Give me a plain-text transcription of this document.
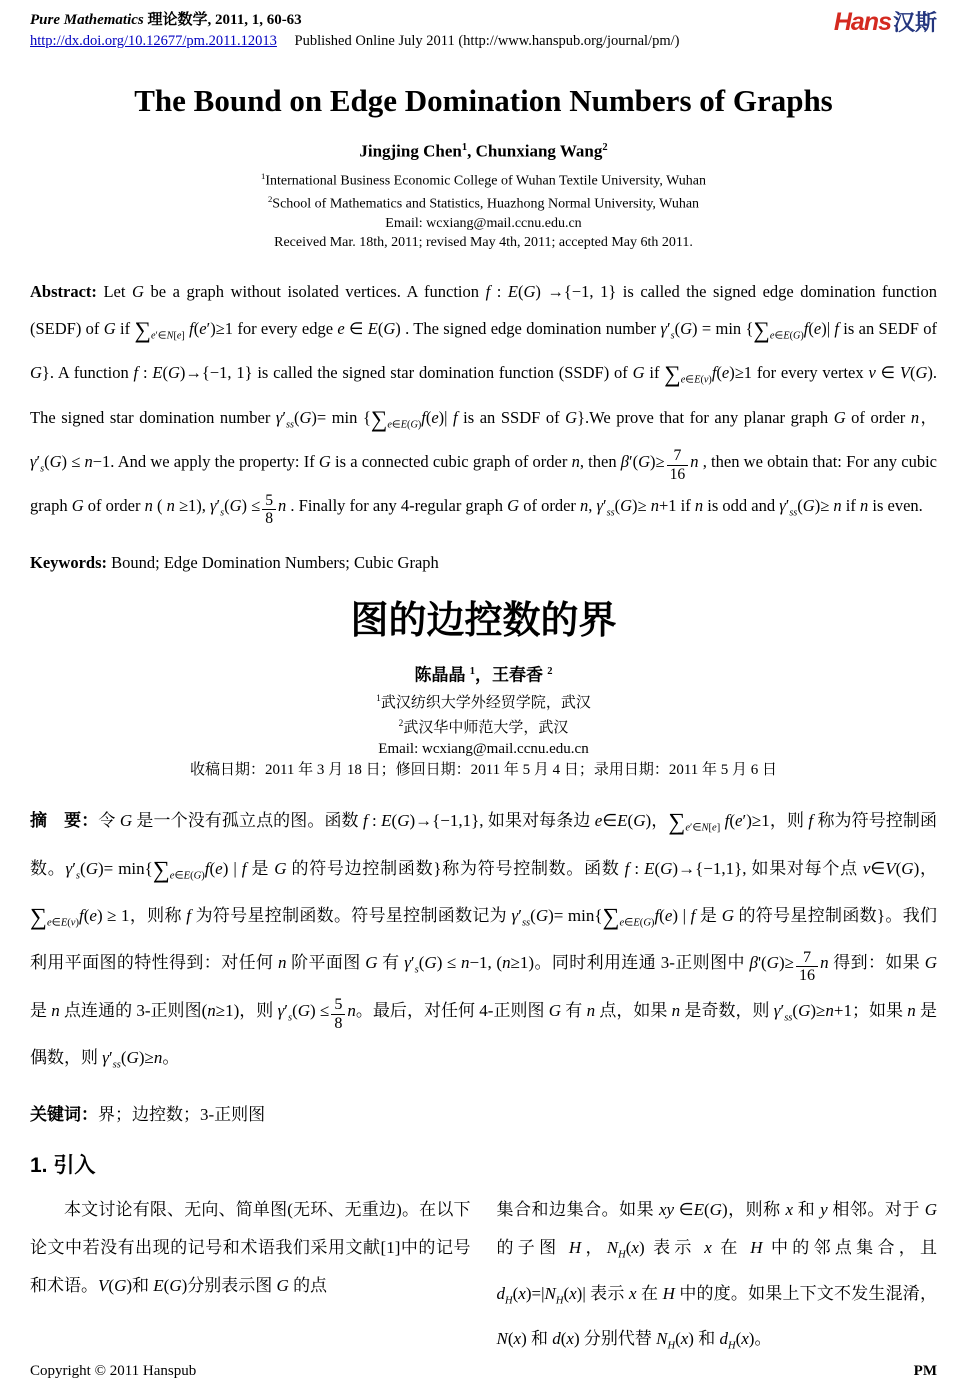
Pure Mathematics 理论数学, 2011, 1, 60-63
http://dx.doi.org/10.12677/pm.2011.12013 Published Online July 2011 (http://www.hanspub.org/journal/pm/)
Hans汉斯
The Bound on Edge Domination Numbers of Graphs
Jingjing Chen$^1$, Chunxiang Wang$^2$
$^1$International Business Economic College of Wuhan Textile University, Wuhan
$^2$School of Mathematics and Statistics, Huazhong Normal University, Wuhan
Email: wcxiang@mail.ccnu.edu.cn
Received Mar. 18th, 2011; revised May 4th, 2011; accepted May 6th 2011.

Abstract: Let G be a graph without isolated vertices. A function f : E(G) →{−1, 1} is called the signed edge domination function (SEDF) of G if $\sum_{e'\in N[e]}$ f(e′)≥1 for every edge e ∈ E(G) . The signed edge domination number $\gamma'_s(G) = \min \{\sum_{e\in E(G)}f(e)|$ f is an SEDF of G}. A function f : E(G)→{−1, 1} is called the signed star domination function (SSDF) of G if $\sum_{e\in E(v)}f(e)\ge 1$ for every vertex v ∈ V(G). The signed star domination number $\gamma'_{ss}(G)= \min \{\sum_{e\in E(G)}f(e)|$ f is an SSDF of G}.We prove that for any planar graph G of order n，$\gamma'_s(G) \le n-1$. And we apply the property: If G is a connected cubic graph of order n, then $\beta'(G)\ge \frac{7}{16}$ n , then we obtain that: For any cubic graph G of order n ( n ≥1), $\gamma'_s(G) \le \frac{5}{8}$ n . Finally for any 4-regular graph G of order n, $\gamma'_{ss}(G)\ge n+1$ if n is odd and $\gamma'_{ss}(G)\ge n$ if n is even.

Keywords: Bound; Edge Domination Numbers; Cubic Graph

图的边控数的界
陈晶晶 $^1$，王春香 $^2$
$^1$武汉纺织大学外经贸学院，武汉
$^2$武汉华中师范大学，武汉
Email: wcxiang@mail.ccnu.edu.cn
收稿日期：2011 年 3 月 18 日；修回日期：2011 年 5 月 4 日；录用日期：2011 年 5 月 6 日

摘　要：令 G 是一个没有孤立点的图。函数 f : E(G)→{−1,1}, 如果对每条边 e∈E(G)，$\sum_{e'\in N[e]}$ f(e′)≥1，则 f 称为符号控制函数。$\gamma'_s(G)= \min\{\sum_{e\in E(G)}f(e)$ | f 是 G 的符号边控制函数}称为符号控制数。函数 f : E(G)→{−1,1}, 如果对每个点 v∈V(G)，$\sum_{e\in E(v)}f(e) \ge 1$，则称 f 为符号星控制函数。符号星控制函数记为 $\gamma'_{ss}(G)= \min\{\sum_{e\in E(G)}f(e)$ | f 是 G 的符号星控制函数}。我们利用平面图的特性得到：对任何 n 阶平面图 G 有 $\gamma'_s(G) \le n-1$, (n≥1)。同时利用连通 3-正则图中 $\beta'(G)\ge \frac{7}{16}$ n 得到：如果 G 是 n 点连通的 3-正则图(n≥1)，则 $\gamma'_s(G) \le \frac{5}{8}$ n。最后，对任何 4-正则图 G 有 n 点，如果 n 是奇数，则 $\gamma'_{ss}(G)\ge n+1$；如果 n 是偶数，则 $\gamma'_{ss}(G)\ge n$。

关键词：界；边控数；3-正则图

1. 引入

本文讨论有限、无向、简单图(无环、无重边)。在以下论文中若没有出现的记号和术语我们采用文献[1]中的记号和术语。V(G)和 E(G)分别表示图 G 的点

集合和边集合。如果 xy ∈E(G)，则称 x 和 y 相邻。对于 G 的子图 H，$N_H(x)$ 表示 x 在 H 中的邻点集合，且 $d_H(x)=|N_H(x)|$ 表示 x 在 H 中的度。如果上下文不发生混淆，N(x) 和 d(x) 分别代替 $N_H(x)$ 和 $d_H(x)$。

Copyright © 2011 Hanspub	PM
